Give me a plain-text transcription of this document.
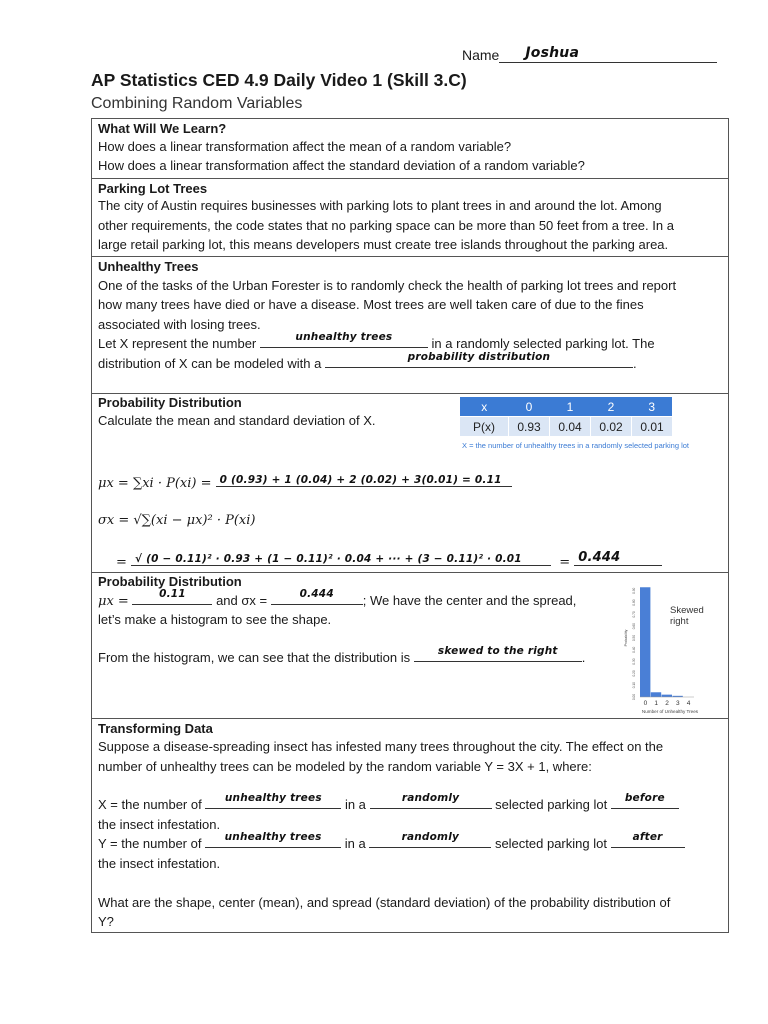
Name Joshua
AP Statistics CED 4.9 Daily Video 1 (Skill 3.C)
Combining Random Variables
What Will We Learn?
How does a linear transformation affect the mean of a random variable?
How does a linear transformation affect the standard deviation of a random variable?
Parking Lot Trees
The city of Austin requires businesses with parking lots to plant trees in and around the lot. Among
other requirements, the code states that no parking space can be more than 50 feet from a tree. In a
large retail parking lot, this means developers must create tree islands throughout the parking area.
Unhealthy Trees
One of the tasks of the Urban Forester is to randomly check the health of parking lot trees and report
how many trees have died or have a disease. Most trees are well taken care of due to the fines
associated with losing trees.
Let X represent the number	unhealthy trees	in a randomly selected parking lot. The
distribution of X can be modeled with a	probability distribution	.
Probability Distribution
Calculate the mean and standard deviation of X.
x	0	1	2	3
P(x)	0.93	0.04	0.02	0.01
X = the number of unhealthy trees in a randomly selected parking lot
μx = ∑xi · P(xi) = 0 (0.93) + 1 (0.04) + 2 (0.02) + 3(0.01) = 0.11
σx = √∑(xi − μx)² · P(xi)
= √ (0 − 0.11)² · 0.93 + (1 − 0.11)² · 0.04 + ··· + (3 − 0.11)² · 0.01	= 0.444
Probability Distribution
μx =
0.11	and σx =	0.444	; We have the center and the spread,
let’s make a histogram to see the shape.
From the histogram, we can see that the distribution is	skewed to the right	.
0.00
0.10
0.20
0.30
0.40
0.50
0.60
0.70
0.80
0.90
Probability
0 1 2 3 4
Number of Unhealthy Trees
Skewed
right
Transforming Data
Suppose a disease-spreading insect has infested many trees throughout the city. The effect on the
number of unhealthy trees can be modeled by the random variable Y = 3X + 1, where:
X = the number of	unhealthy trees	in a	randomly	selected parking lot	before
the insect infestation.
Y = the number of	unhealthy trees	in a	randomly	selected parking lot	after
the insect infestation.
What are the shape, center (mean), and spread (standard deviation) of the probability distribution of
Y?
